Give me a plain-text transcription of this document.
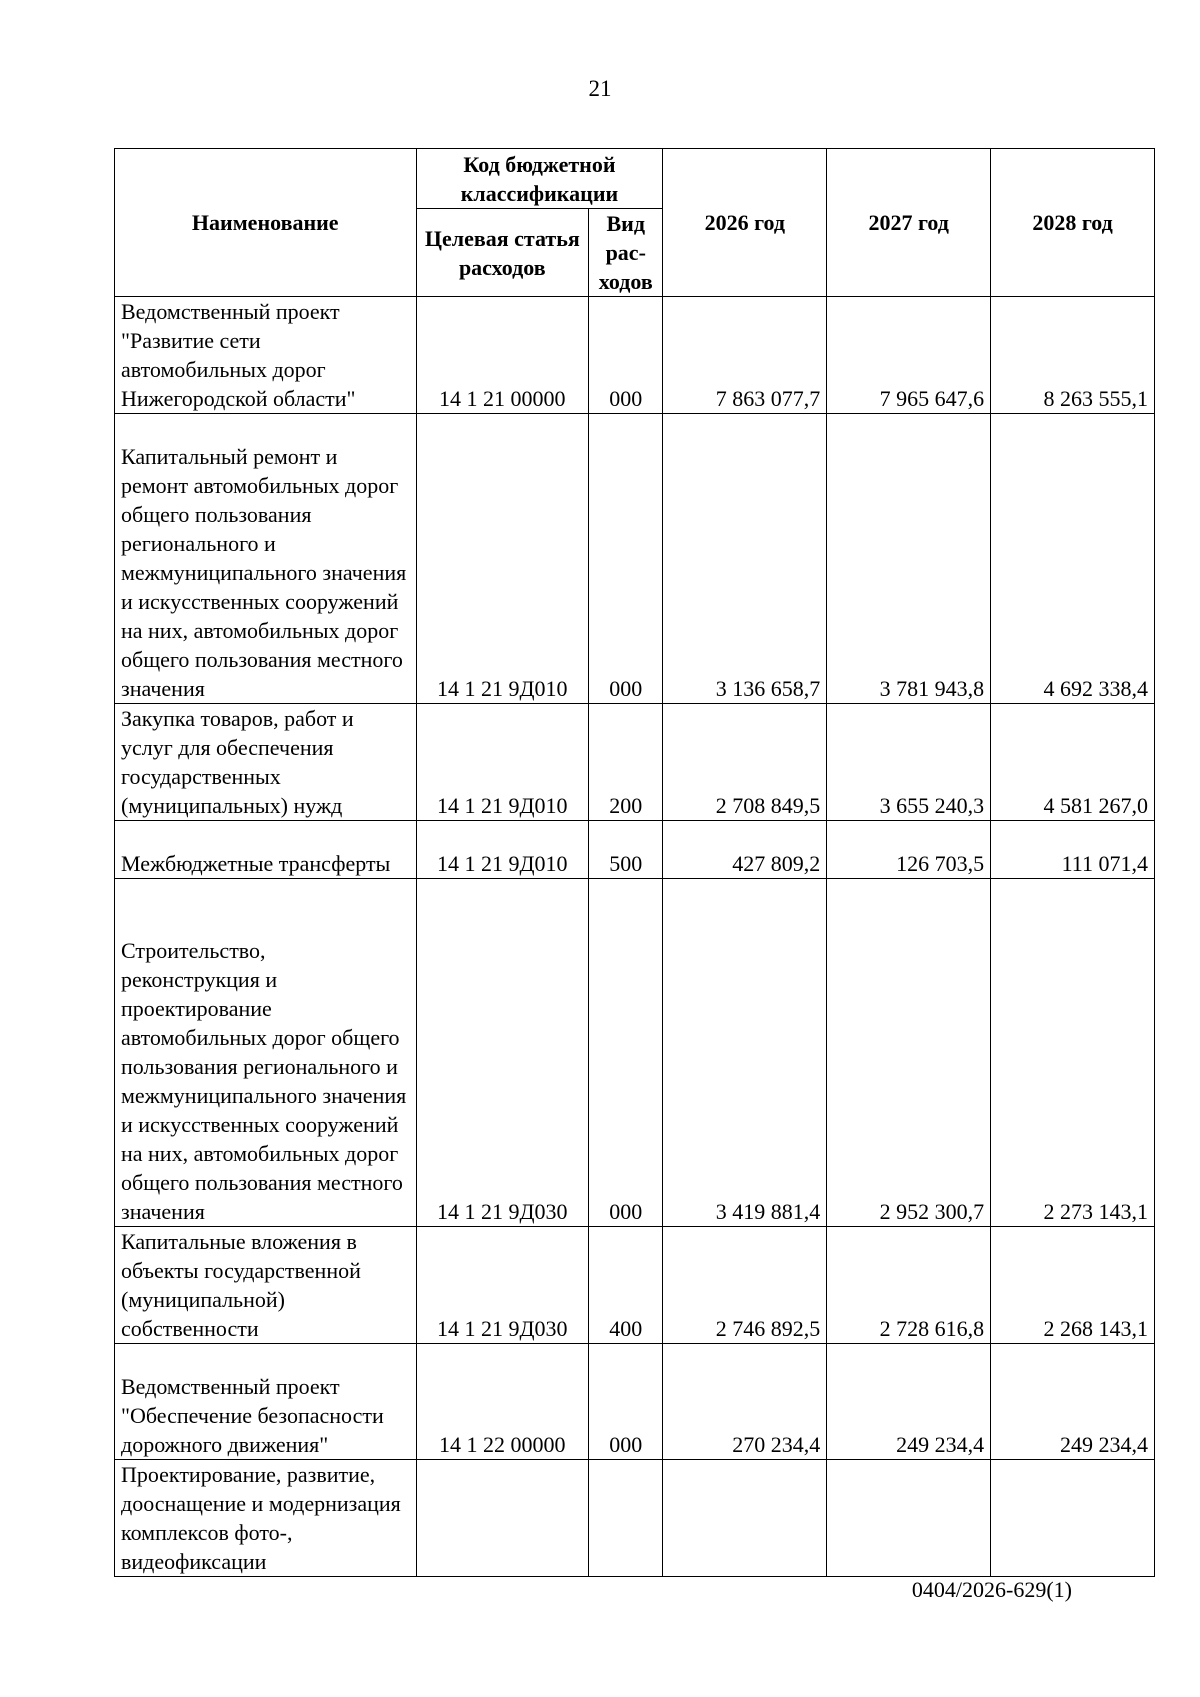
21
Наименование	Код бюджетной классификации		2026 год	2027 год	2028 год
	Целевая статья расходов	Вид рас-ходов			
Ведомственный проект "Развитие сети автомобильных дорог Нижегородской области"	14 1 21 00000	000	7 863 077,7	7 965 647,6	8 263 555,1
Капитальный ремонт и ремонт автомобильных дорог общего пользования регионального и межмуниципального значения и искусственных сооружений на них, автомобильных дорог общего пользования местного значения	14 1 21 9Д010	000	3 136 658,7	3 781 943,8	4 692 338,4
Закупка товаров, работ и услуг для обеспечения государственных (муниципальных) нужд	14 1 21 9Д010	200	2 708 849,5	3 655 240,3	4 581 267,0
Межбюджетные трансферты	14 1 21 9Д010	500	427 809,2	126 703,5	111 071,4
Строительство, реконструкция и проектирование автомобильных дорог общего пользования регионального и межмуниципального значения и искусственных сооружений на них, автомобильных дорог общего пользования местного значения	14 1 21 9Д030	000	3 419 881,4	2 952 300,7	2 273 143,1
Капитальные вложения в объекты государственной (муниципальной) собственности	14 1 21 9Д030	400	2 746 892,5	2 728 616,8	2 268 143,1
Ведомственный проект "Обеспечение безопасности дорожного движения"	14 1 22 00000	000	270 234,4	249 234,4	249 234,4
Проектирование, развитие, дооснащение и модернизация комплексов фото-, видеофиксации					
0404/2026-629(1)
